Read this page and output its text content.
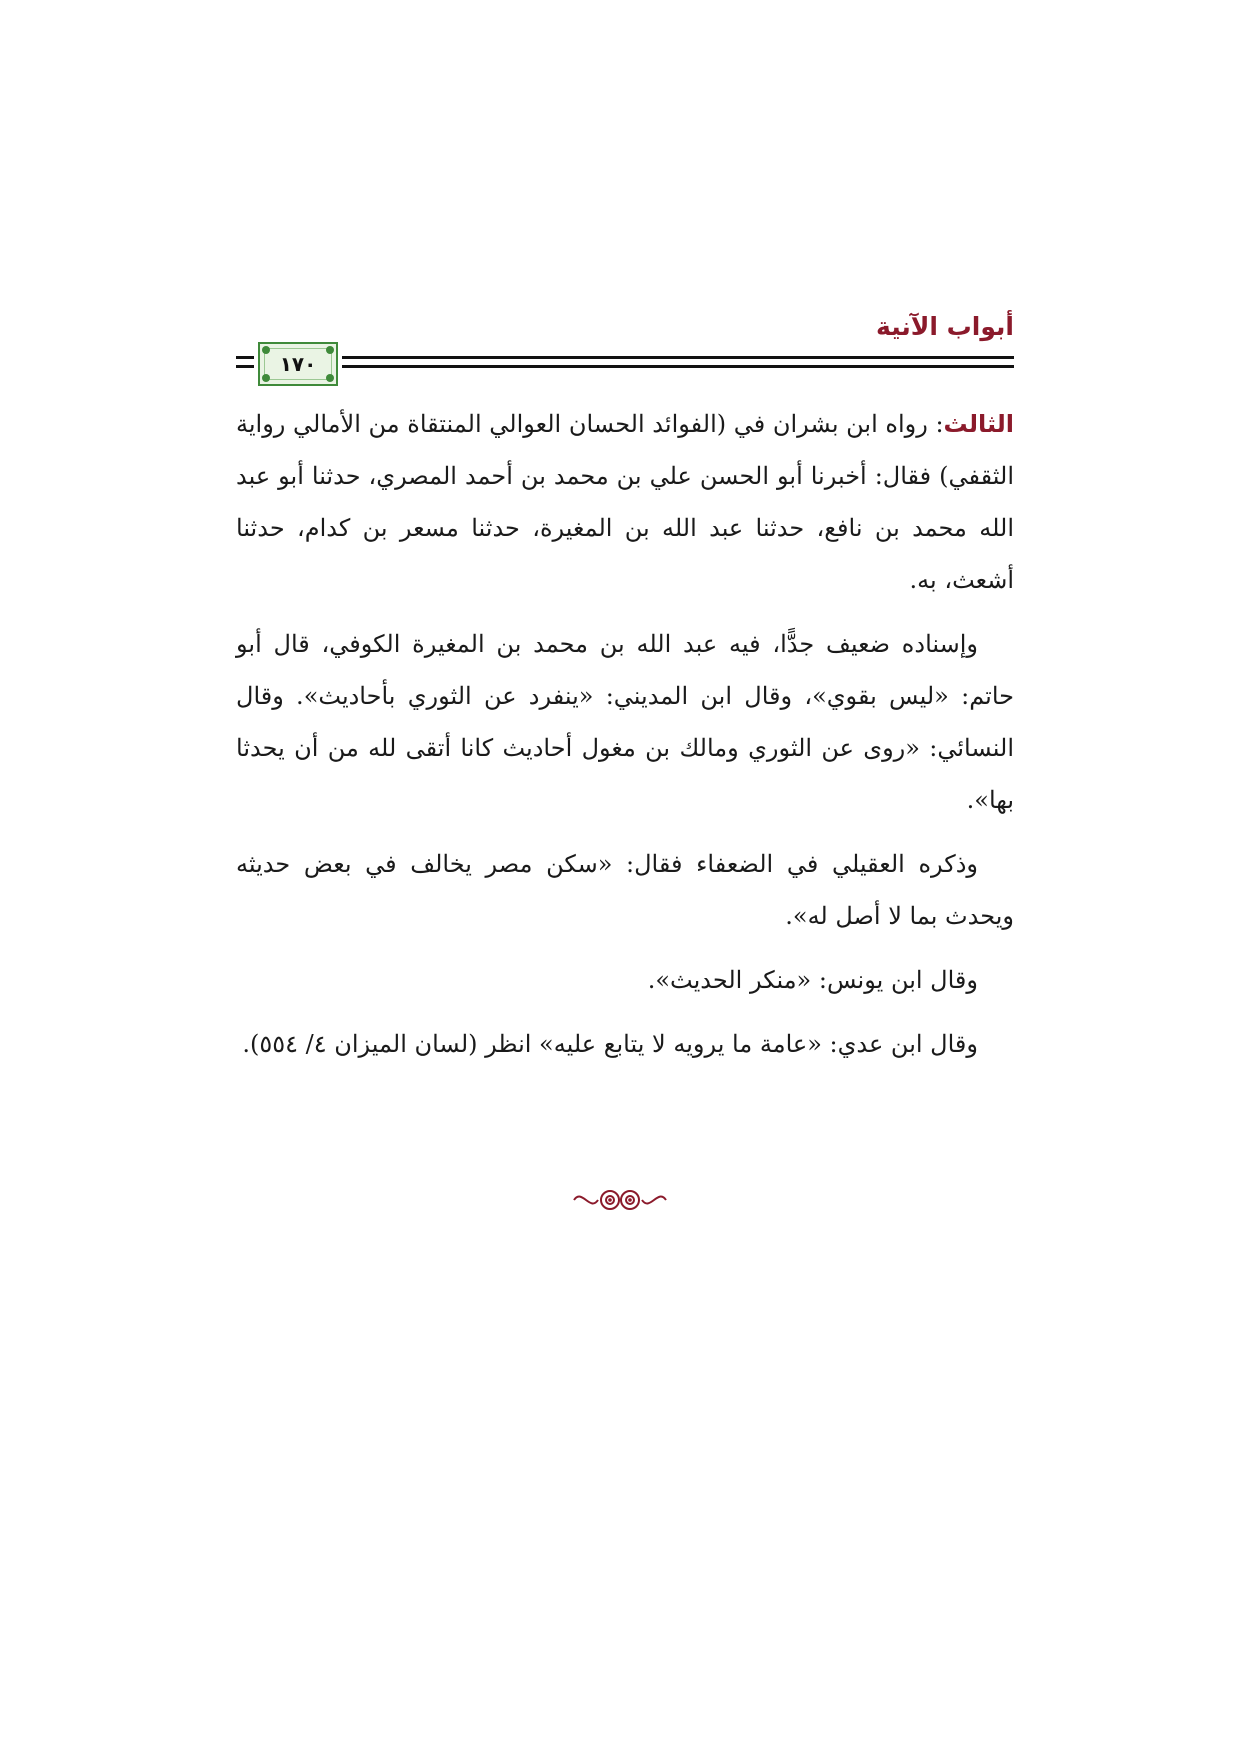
أبواب الآنية
١٧٠

الثالث: رواه ابن بشران في (الفوائد الحسان العوالي المنتقاة من الأمالي رواية الثقفي) فقال: أخبرنا أبو الحسن علي بن محمد بن أحمد المصري، حدثنا أبو عبد الله محمد بن نافع، حدثنا عبد الله بن المغيرة، حدثنا مسعر بن كدام، حدثنا أشعث، به.

وإسناده ضعيف جدًّا، فيه عبد الله بن محمد بن المغيرة الكوفي، قال أبو حاتم: «ليس بقوي»، وقال ابن المديني: «ينفرد عن الثوري بأحاديث». وقال النسائي: «روى عن الثوري ومالك بن مغول أحاديث كانا أتقى لله من أن يحدثا بها».

وذكره العقيلي في الضعفاء فقال: «سكن مصر يخالف في بعض حديثه ويحدث بما لا أصل له».

وقال ابن يونس: «منكر الحديث».

وقال ابن عدي: «عامة ما يرويه لا يتابع عليه» انظر (لسان الميزان ٤/ ٥٥٤).
